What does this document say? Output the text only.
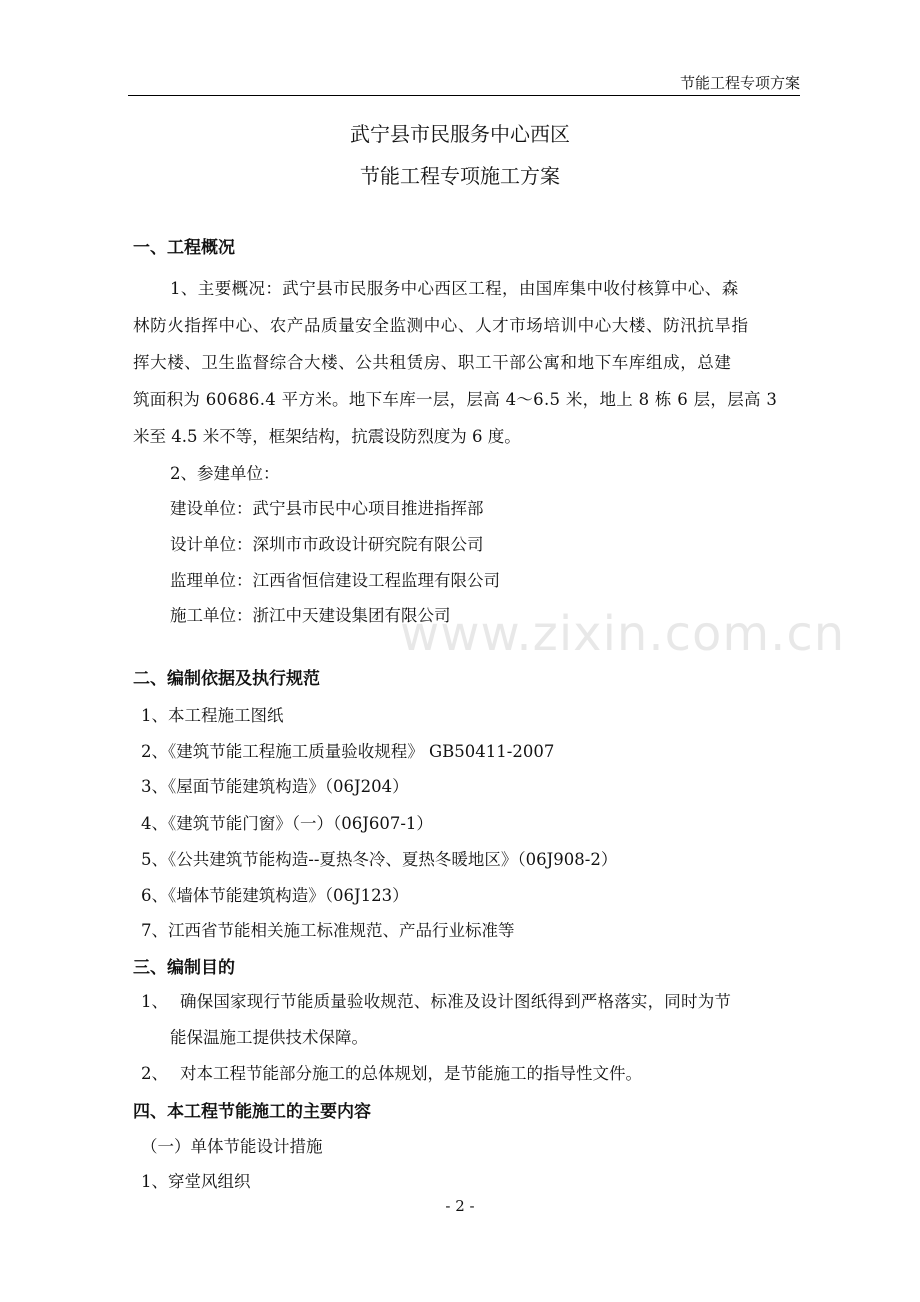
节能工程专项方案
www.zixin.com.cn
武宁县市民服务中心西区
节能工程专项施工方案
一、工程概况
1、主要概况：武宁县市民服务中心西区工程，由国库集中收付核算中心、森
林防火指挥中心、农产品质量安全监测中心、人才市场培训中心大楼、防汛抗旱指
挥大楼、卫生监督综合大楼、公共租赁房、职工干部公寓和地下车库组成，总建
筑面积为 60686.4 平方米。地下车库一层，层高 4～6.5 米，地上 8 栋 6 层，层高 3
米至 4.5 米不等，框架结构，抗震设防烈度为 6 度。
2、参建单位：
建设单位：武宁县市民中心项目推进指挥部
设计单位：深圳市市政设计研究院有限公司
监理单位：江西省恒信建设工程监理有限公司
施工单位：浙江中天建设集团有限公司
二、编制依据及执行规范
1、本工程施工图纸
2、《建筑节能工程施工质量验收规程》 GB50411-2007
3、《屋面节能建筑构造》（06J204）
4、《建筑节能门窗》（一）（06J607-1）
5、《公共建筑节能构造--夏热冬冷、夏热冬暖地区》（06J908-2）
6、《墙体节能建筑构造》（06J123）
7、江西省节能相关施工标准规范、产品行业标准等
三、编制目的
1、 确保国家现行节能质量验收规范、标准及设计图纸得到严格落实，同时为节
能保温施工提供技术保障。
2、 对本工程节能部分施工的总体规划，是节能施工的指导性文件。
四、本工程节能施工的主要内容
（一）单体节能设计措施
1、穿堂风组织
- 2 -
